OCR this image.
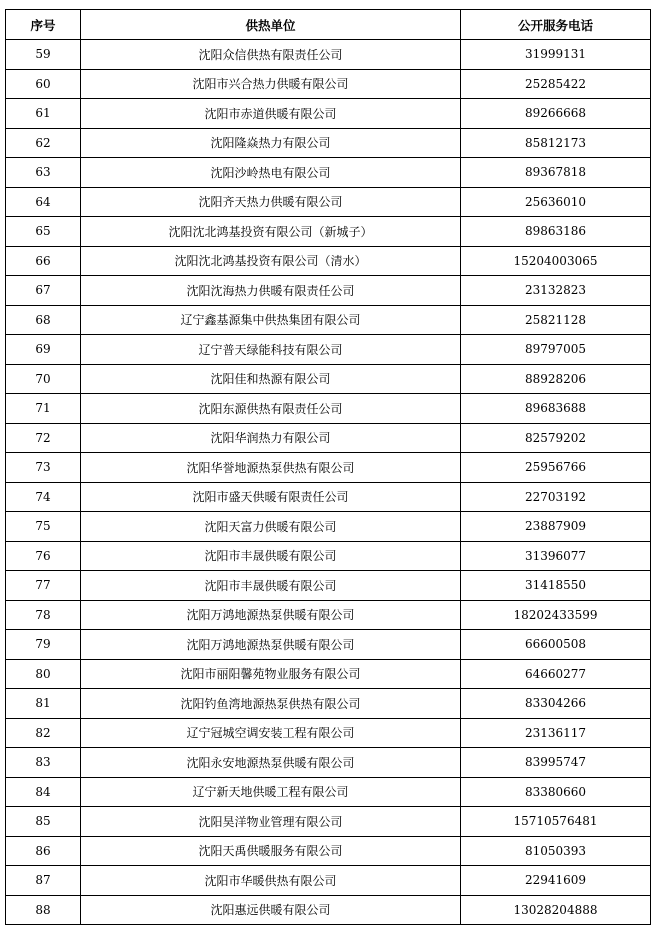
序号	供热单位	公开服务电话
59	沈阳众信供热有限责任公司	31999131
60	沈阳市兴合热力供暖有限公司	25285422
61	沈阳市赤道供暖有限公司	89266668
62	沈阳隆焱热力有限公司	85812173
63	沈阳沙岭热电有限公司	89367818
64	沈阳齐天热力供暖有限公司	25636010
65	沈阳沈北鸿基投资有限公司（新城子）	89863186
66	沈阳沈北鸿基投资有限公司（清水）	15204003065
67	沈阳沈海热力供暖有限责任公司	23132823
68	辽宁鑫基源集中供热集团有限公司	25821128
69	辽宁普天绿能科技有限公司	89797005
70	沈阳佳和热源有限公司	88928206
71	沈阳东源供热有限责任公司	89683688
72	沈阳华润热力有限公司	82579202
73	沈阳华誉地源热泵供热有限公司	25956766
74	沈阳市盛天供暖有限责任公司	22703192
75	沈阳天富力供暖有限公司	23887909
76	沈阳市丰晟供暖有限公司	31396077
77	沈阳市丰晟供暖有限公司	31418550
78	沈阳万鸿地源热泵供暖有限公司	18202433599
79	沈阳万鸿地源热泵供暖有限公司	66600508
80	沈阳市丽阳馨苑物业服务有限公司	64660277
81	沈阳钓鱼湾地源热泵供热有限公司	83304266
82	辽宁冠城空调安装工程有限公司	23136117
83	沈阳永安地源热泵供暖有限公司	83995747
84	辽宁新天地供暖工程有限公司	83380660
85	沈阳昊洋物业管理有限公司	15710576481
86	沈阳天禹供暖服务有限公司	81050393
87	沈阳市华暖供热有限公司	22941609
88	沈阳惠远供暖有限公司	13028204888
